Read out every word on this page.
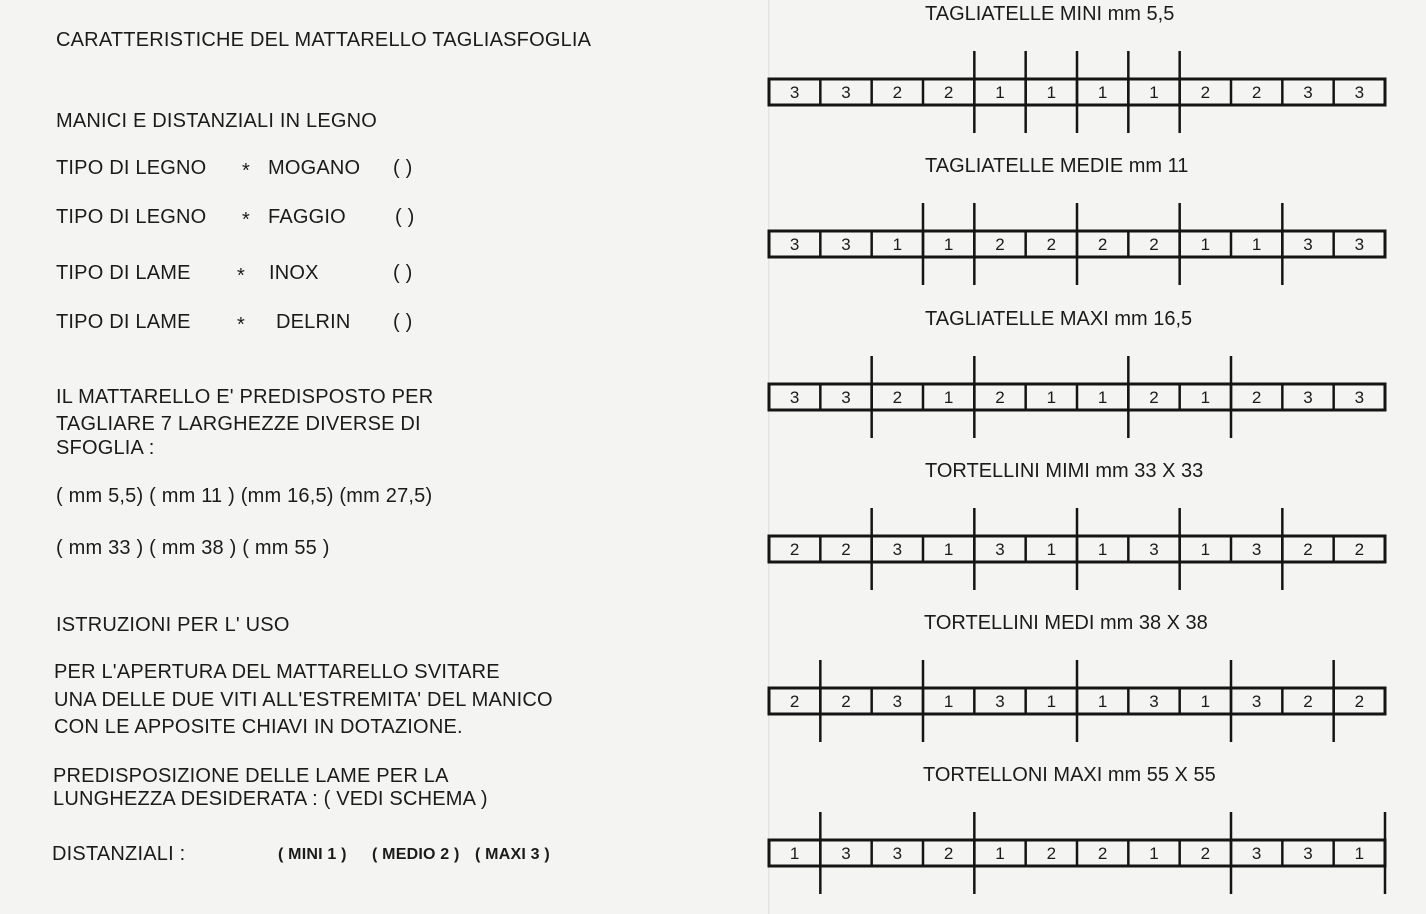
CARATTERISTICHE DEL MATTARELLO TAGLIASFOGLIA
MANICI E DISTANZIALI IN LEGNO
TIPO DI LEGNO * MOGANO ( )
TIPO DI LEGNO * FAGGIO ( )
TIPO DI LAME * INOX	( )
TIPO DI LAME * DELRIN ( )
IL MATTARELLO E' PREDISPOSTO PER
TAGLIARE 7 LARGHEZZE DIVERSE DI
SFOGLIA :
( mm 5,5) ( mm 11 ) (mm 16,5) (mm 27,5)
( mm 33 ) ( mm 38 ) ( mm 55 )
ISTRUZIONI PER L' USO
PER L'APERTURA DEL MATTARELLO SVITARE
UNA DELLE DUE VITI ALL'ESTREMITA' DEL MANICO
CON LE APPOSITE CHIAVI IN DOTAZIONE.
PREDISPOSIZIONE DELLE LAME PER LA
LUNGHEZZA DESIDERATA : ( VEDI SCHEMA )
DISTANZIALI :	( MINI 1 ) ( MEDIO 2 ) ( MAXI 3 )
TAGLIATELLE MINI mm 5,5
3 3 2 2 1 1 1 1 2 2 3 3
TAGLIATELLE MEDIE mm 11
3 3 1 1 2 2 2 2 1 1 3 3
TAGLIATELLE MAXI mm 16,5
3 3 2 1 2 1 1 2 1 2 3 3
TORTELLINI MIMI mm 33 X 33
2 2 3 1 3 1 1 3 1 3 2 2
TORTELLINI MEDI mm 38 X 38
2 2 3 1 3 1 1 3 1 3 2 2
TORTELLONI MAXI mm 55 X 55
1 3 3 2 1 2 2 1 2 3 3 1
